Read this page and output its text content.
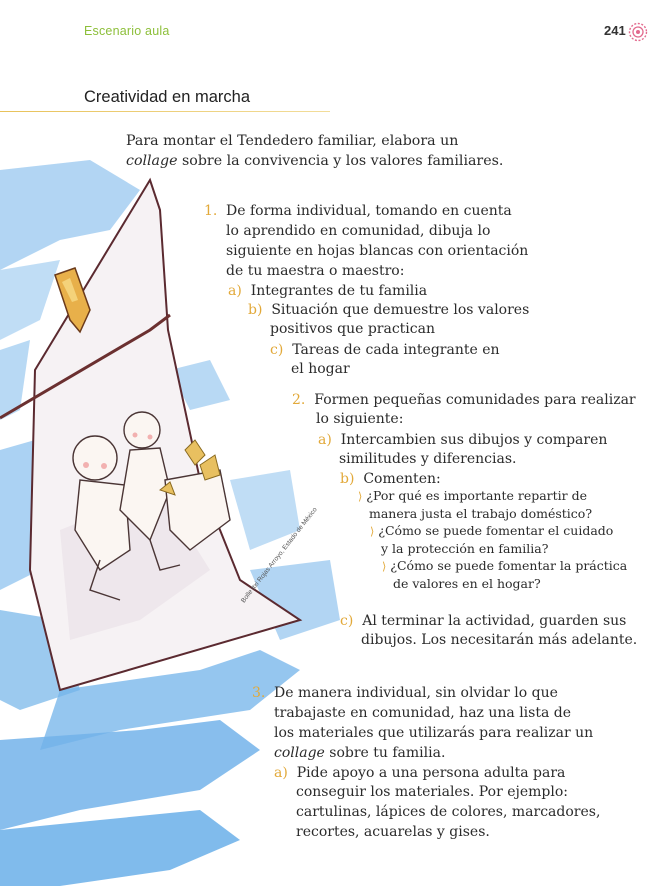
Escenario aula	241
Creatividad en marcha
Bolle Itxi Rojas Arroyo, Estado de México
Para montar el Tendedero familiar, elabora un
collage sobre la convivencia y los valores familiares.
1. De forma individual, tomando en cuenta
lo aprendido en comunidad, dibuja lo
siguiente en hojas blancas con orientación
de tu maestra o maestro:
a) Integrantes de tu familia
b) Situación que demuestre los valores
positivos que practican
c) Tareas de cada integrante en
el hogar
2. Formen pequeñas comunidades para realizar
lo siguiente:
a) Intercambien sus dibujos y comparen
similitudes y diferencias.
b) Comenten:
⟩ ¿Por qué es importante repartir de
manera justa el trabajo doméstico?
⟩ ¿Cómo se puede fomentar el cuidado
y la protección en familia?
⟩ ¿Cómo se puede fomentar la práctica
de valores en el hogar?
c) Al terminar la actividad, guarden sus
dibujos. Los necesitarán más adelante.
3. De manera individual, sin olvidar lo que
trabajaste en comunidad, haz una lista de
los materiales que utilizarás para realizar un
collage sobre tu familia.
a) Pide apoyo a una persona adulta para
conseguir los materiales. Por ejemplo:
cartulinas, lápices de colores, marcadores,
recortes, acuarelas y gises.
